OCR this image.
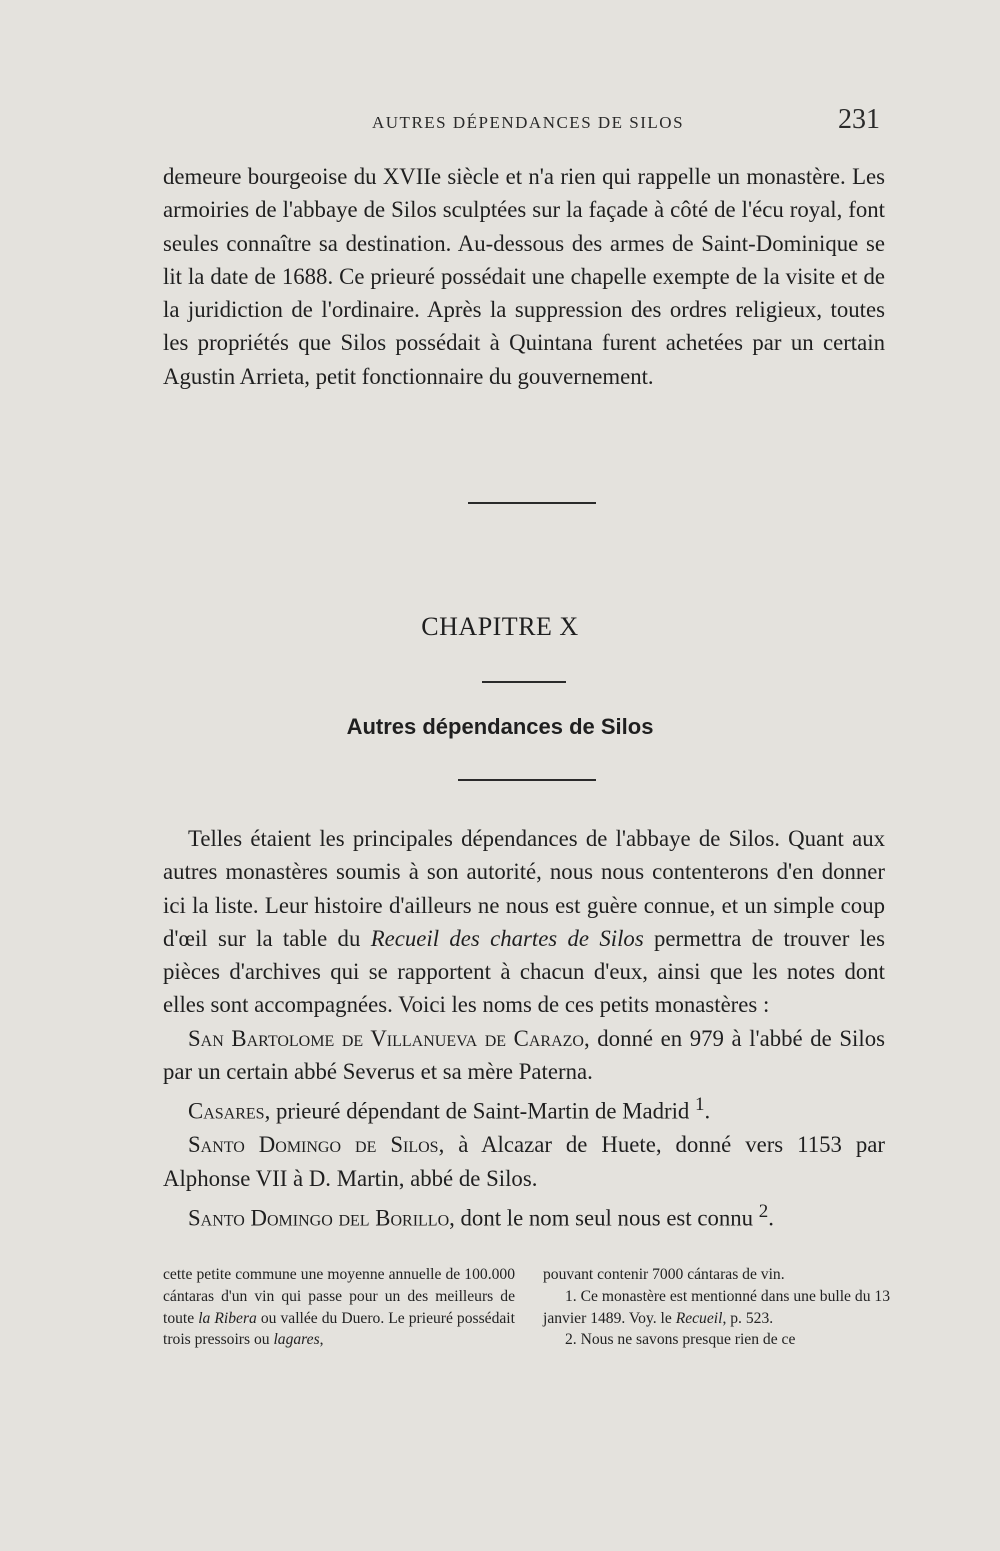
AUTRES DÉPENDANCES DE SILOS	231

demeure bourgeoise du XVIIe siècle et n'a rien qui rappelle un monastère. Les armoiries de l'abbaye de Silos sculptées sur la façade à côté de l'écu royal, font seules connaître sa destination. Au-dessous des armes de Saint-Dominique se lit la date de 1688. Ce prieuré possédait une chapelle exempte de la visite et de la juridiction de l'ordinaire. Après la suppression des ordres religieux, toutes les propriétés que Silos possédait à Quintana furent achetées par un certain Agustin Arrieta, petit fonctionnaire du gouvernement.

CHAPITRE X
Autres dépendances de Silos

Telles étaient les principales dépendances de l'abbaye de Silos. Quant aux autres monastères soumis à son autorité, nous nous contenterons d'en donner ici la liste. Leur histoire d'ailleurs ne nous est guère connue, et un simple coup d'œil sur la table du Recueil des chartes de Silos permettra de trouver les pièces d'archives qui se rapportent à chacun d'eux, ainsi que les notes dont elles sont accompagnées. Voici les noms de ces petits monastères :

San Bartolome de Villanueva de Carazo, donné en 979 à l'abbé de Silos par un certain abbé Severus et sa mère Paterna.

Casares, prieuré dépendant de Saint-Martin de Madrid $^1$.

Santo Domingo de Silos, à Alcazar de Huete, donné vers 1153 par Alphonse VII à D. Martin, abbé de Silos.

Santo Domingo del Borillo, dont le nom seul nous est connu $^2$.

cette petite commune une moyenne annuelle de 100.000 cántaras d'un vin qui passe pour un des meilleurs de toute la Ribera ou vallée du Duero. Le prieuré possédait trois pressoirs ou lagares,

pouvant contenir 7000 cántaras de vin.

1. Ce monastère est mentionné dans une bulle du 13 janvier 1489. Voy. le Recueil, p. 523.

2. Nous ne savons presque rien de ce
